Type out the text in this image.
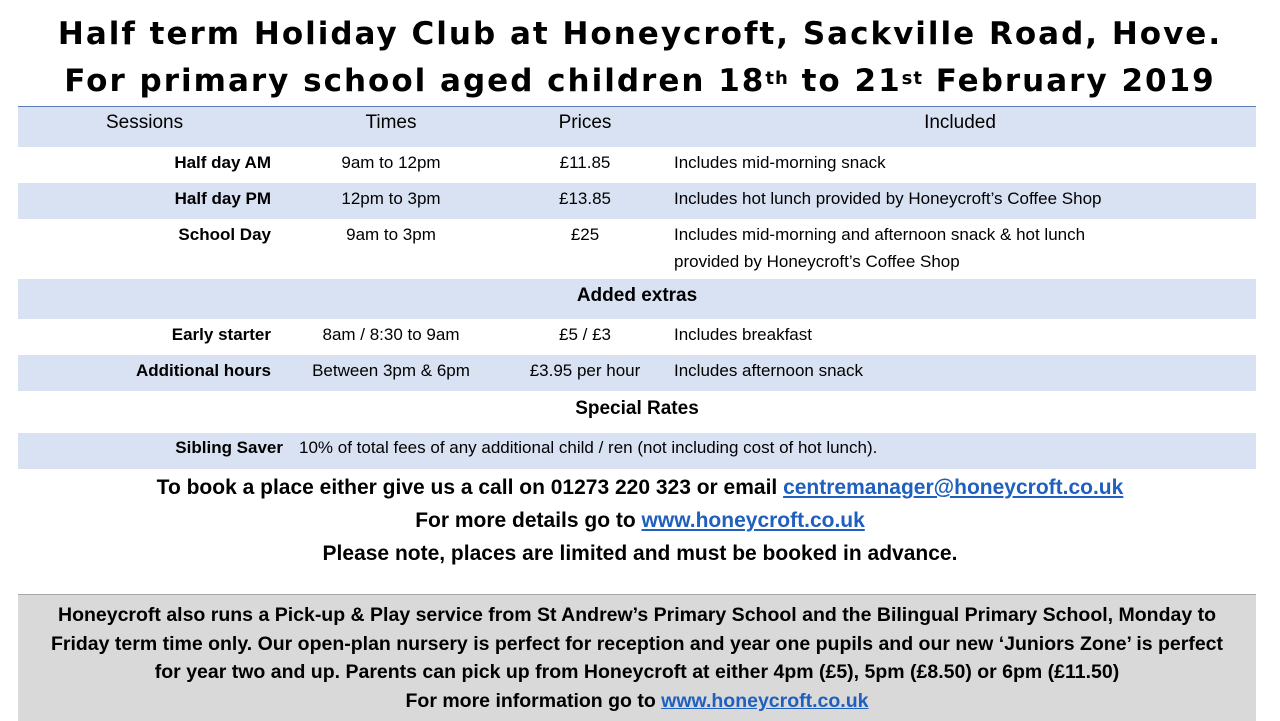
Half term Holiday Club at Honeycroft, Sackville Road, Hove.
For primary school aged children 18th to 21st February 2019
Sessions	Times	Prices	Included
Half day AM	9am to 12pm	£11.85	Includes mid-morning snack
Half day PM	12pm to 3pm	£13.85	Includes hot lunch provided by Honeycroft’s Coffee Shop
School Day	9am to 3pm	£25	Includes mid-morning and afternoon snack & hot lunch
provided by Honeycroft’s Coffee Shop
Added extras
Early starter	8am / 8:30 to 9am	£5 / £3	Includes breakfast
Additional hours	Between 3pm & 6pm	£3.95 per hour	Includes afternoon snack
Special Rates
Sibling Saver 10% of total fees of any additional child / ren (not including cost of hot lunch).
To book a place either give us a call on 01273 220 323 or email centremanager@honeycroft.co.uk
For more details go to www.honeycroft.co.uk
Please note, places are limited and must be booked in advance.
Honeycroft also runs a Pick-up & Play service from St Andrew’s Primary School and the Bilingual Primary School, Monday to
Friday term time only. Our open-plan nursery is perfect for reception and year one pupils and our new ‘Juniors Zone’ is perfect
for year two and up. Parents can pick up from Honeycroft at either 4pm (£5), 5pm (£8.50) or 6pm (£11.50)
For more information go to www.honeycroft.co.uk
